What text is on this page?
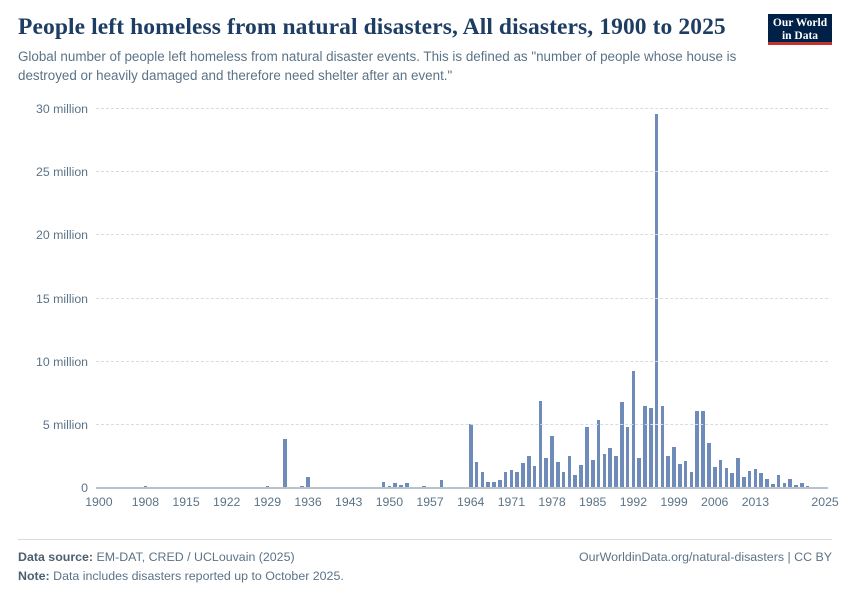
People left homeless from natural disasters, All disasters, 1900 to 2025

Global number of people left homeless from natural disaster events. This is defined as "number of people whose house is destroyed or heavily damaged and therefore need shelter after an event."

Our World
in Data
0
5 million
10 million
15 million
20 million
25 million
30 million
1900 1908 1915 1922 1929 1936 1943 1950 1957 1964 1971 1978 1985 1992 1999 2006 2013	2025
Data source: EM-DAT, CRED / UCLouvain (2025)	OurWorldinData.org/natural-disasters | CC BY
Note: Data includes disasters reported up to October 2025.
